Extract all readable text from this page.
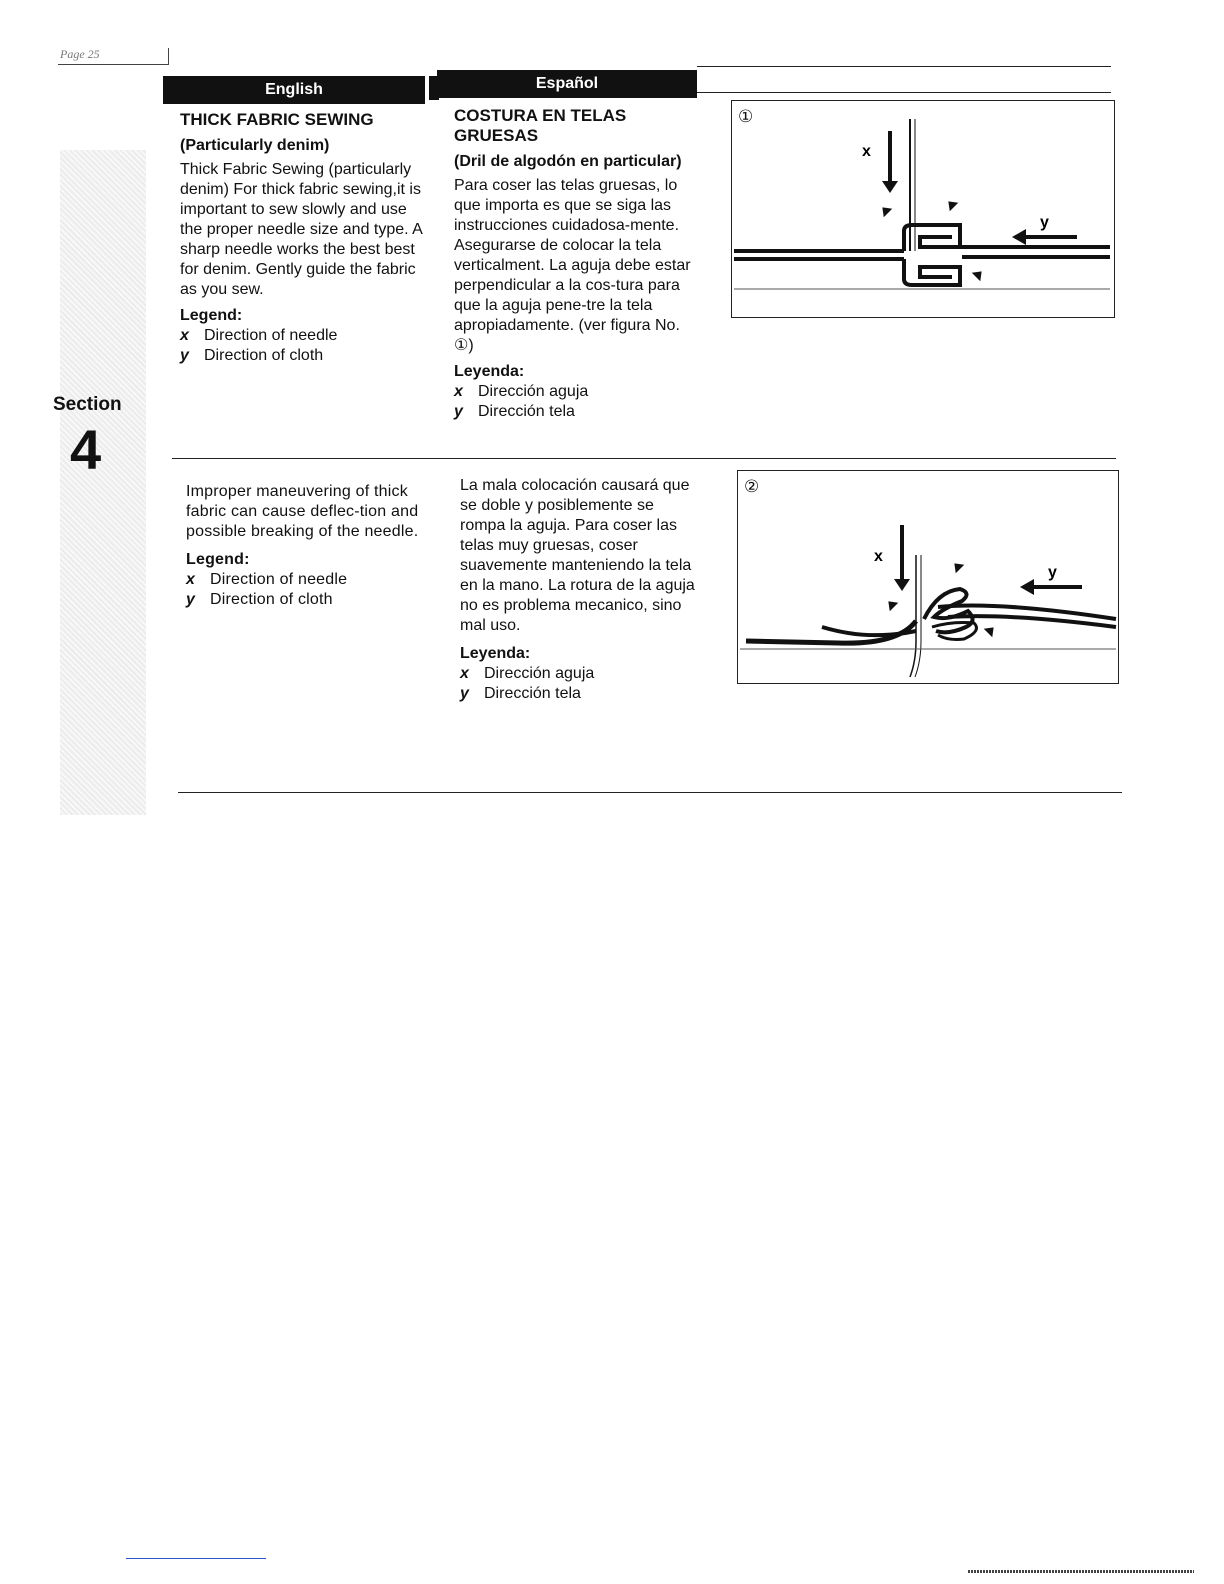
Page 25
Section
4
English	Español
THICK FABRIC SEWING
(Particularly denim)

Thick Fabric Sewing (particularly denim) For thick fabric sewing,it is important to sew slowly and use the proper needle size and type. A sharp needle works the best best for denim. Gently guide the fabric as you sew.

Legend:
x Direction of needle
y Direction of cloth
COSTURA EN TELAS GRUESAS
(Dril de algodón en particular)

Para coser las telas gruesas, lo que importa es que se siga las instrucciones cuidadosa-mente. Asegurarse de colocar la tela verticalment. La aguja debe estar perpendicular a la cos-tura para que la aguja pene-tre la tela apropiadamente. (ver figura No. ①)

Leyenda:
x Dirección aguja
y Dirección tela
①
x
y

Improper maneuvering of thick fabric can cause deflec-tion and possible breaking of the needle.

Legend:
x Direction of needle
y Direction of cloth

La mala colocación causará que se doble y posiblemente se rompa la aguja. Para coser las telas muy gruesas, coser suavemente manteniendo la tela en la mano. La rotura de la aguja no es problema mecanico, sino mal uso.

Leyenda:
x Dirección aguja
y Dirección tela
②
x
y
